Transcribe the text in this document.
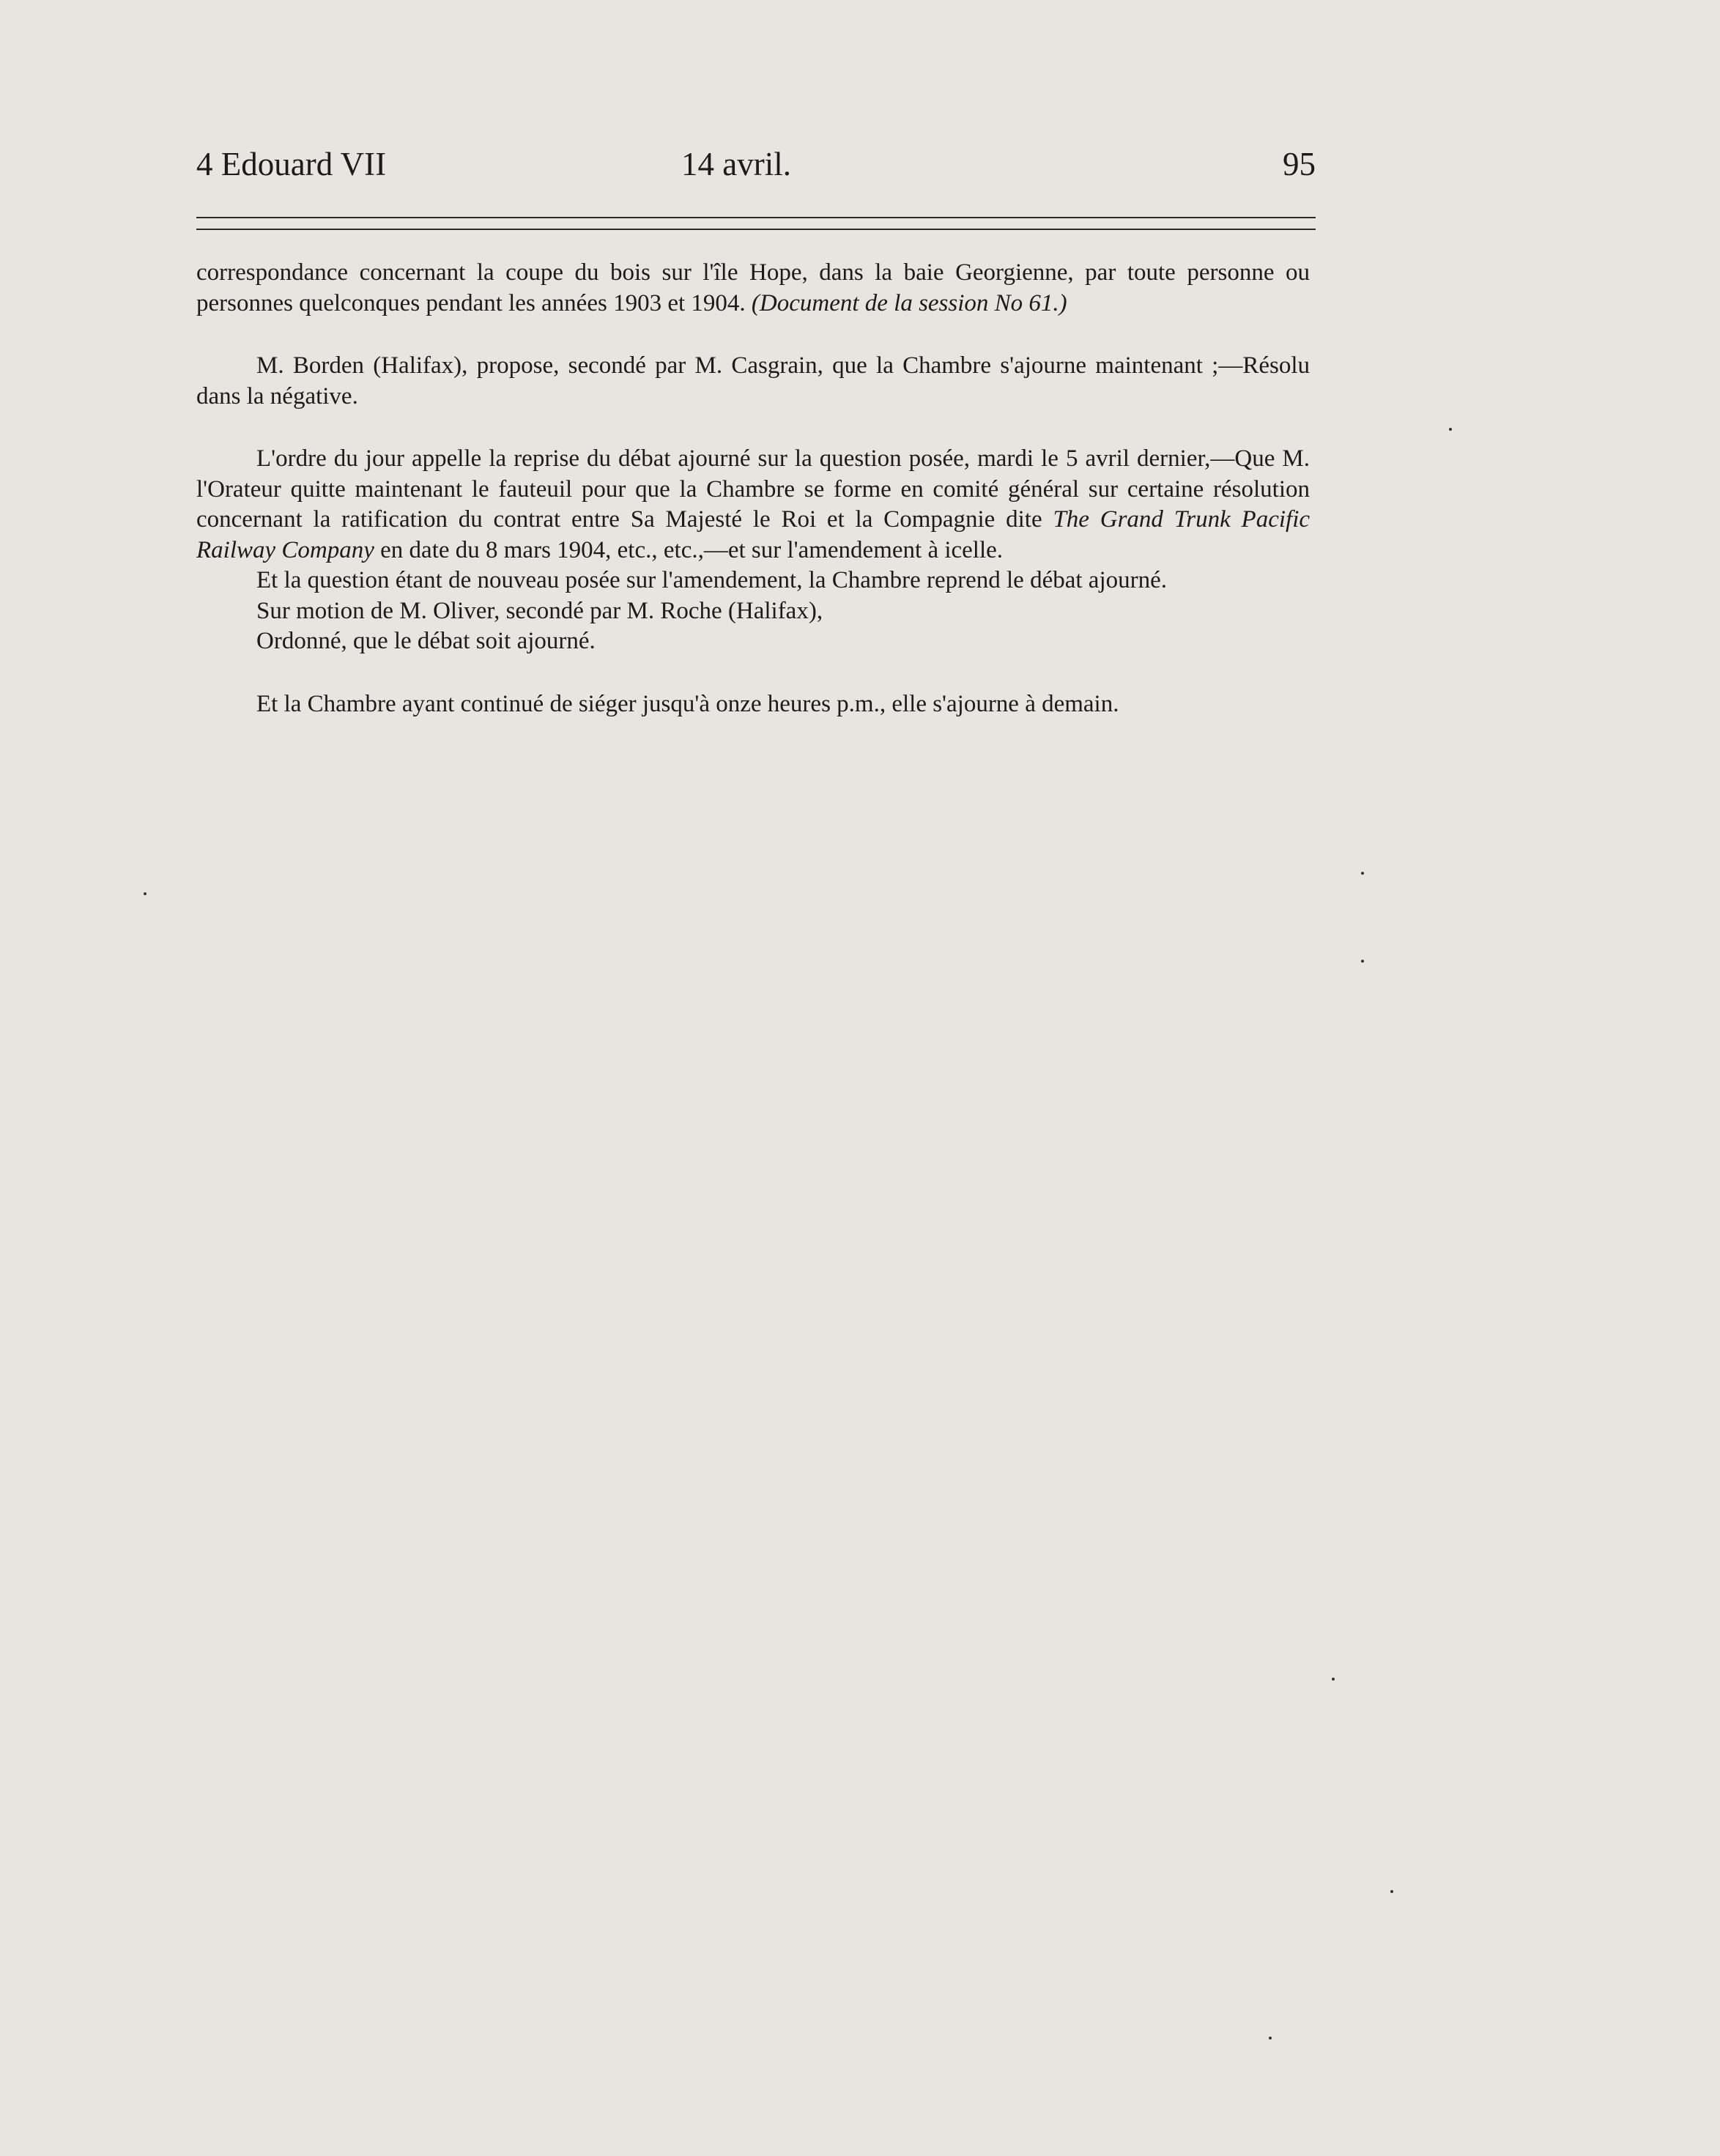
4 Edouard VII	14 avril.	95

correspondance concernant la coupe du bois sur l'île Hope, dans la baie Georgienne, par toute personne ou personnes quelconques pendant les années 1903 et 1904. (Document de la session No 61.)

M. Borden (Halifax), propose, secondé par M. Casgrain, que la Chambre s'ajourne maintenant ;—Résolu dans la négative.

L'ordre du jour appelle la reprise du débat ajourné sur la question posée, mardi le 5 avril dernier,—Que M. l'Orateur quitte maintenant le fauteuil pour que la Chambre se forme en comité général sur certaine résolution concernant la ratification du contrat entre Sa Majesté le Roi et la Compagnie dite The Grand Trunk Pacific Railway Company en date du 8 mars 1904, etc., etc.,—et sur l'amendement à icelle.

Et la question étant de nouveau posée sur l'amendement, la Chambre reprend le débat ajourné.

Sur motion de M. Oliver, secondé par M. Roche (Halifax),

Ordonné, que le débat soit ajourné.

Et la Chambre ayant continué de siéger jusqu'à onze heures p.m., elle s'ajourne à demain.
